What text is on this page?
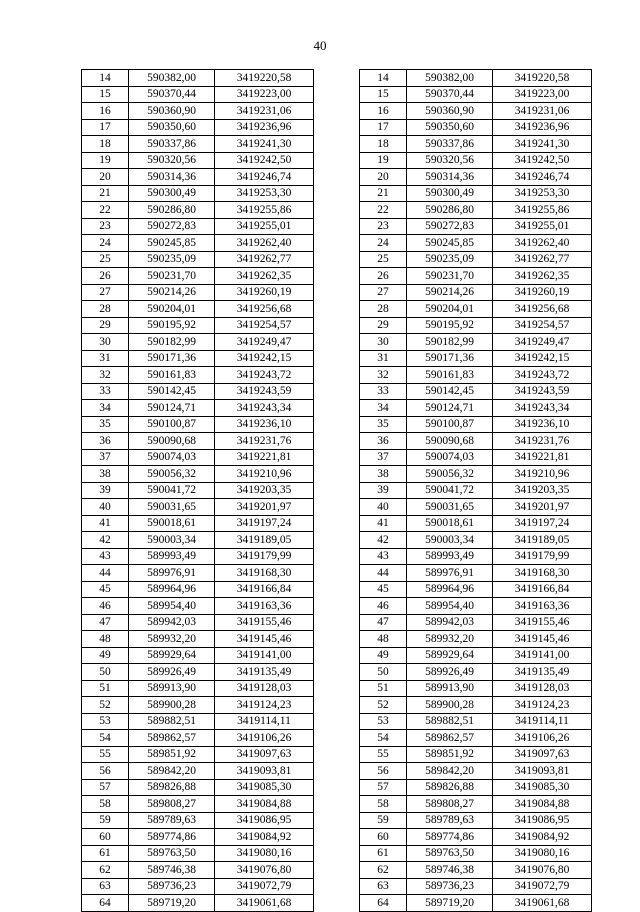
40
14	590382,00	3419220,58		14	590382,00	3419220,58
15	590370,44	3419223,00		15	590370,44	3419223,00
16	590360,90	3419231,06		16	590360,90	3419231,06
17	590350,60	3419236,96		17	590350,60	3419236,96
18	590337,86	3419241,30		18	590337,86	3419241,30
19	590320,56	3419242,50		19	590320,56	3419242,50
20	590314,36	3419246,74		20	590314,36	3419246,74
21	590300,49	3419253,30		21	590300,49	3419253,30
22	590286,80	3419255,86		22	590286,80	3419255,86
23	590272,83	3419255,01		23	590272,83	3419255,01
24	590245,85	3419262,40		24	590245,85	3419262,40
25	590235,09	3419262,77		25	590235,09	3419262,77
26	590231,70	3419262,35		26	590231,70	3419262,35
27	590214,26	3419260,19		27	590214,26	3419260,19
28	590204,01	3419256,68		28	590204,01	3419256,68
29	590195,92	3419254,57		29	590195,92	3419254,57
30	590182,99	3419249,47		30	590182,99	3419249,47
31	590171,36	3419242,15		31	590171,36	3419242,15
32	590161,83	3419243,72		32	590161,83	3419243,72
33	590142,45	3419243,59		33	590142,45	3419243,59
34	590124,71	3419243,34		34	590124,71	3419243,34
35	590100,87	3419236,10		35	590100,87	3419236,10
36	590090,68	3419231,76		36	590090,68	3419231,76
37	590074,03	3419221,81		37	590074,03	3419221,81
38	590056,32	3419210,96		38	590056,32	3419210,96
39	590041,72	3419203,35		39	590041,72	3419203,35
40	590031,65	3419201,97		40	590031,65	3419201,97
41	590018,61	3419197,24		41	590018,61	3419197,24
42	590003,34	3419189,05		42	590003,34	3419189,05
43	589993,49	3419179,99		43	589993,49	3419179,99
44	589976,91	3419168,30		44	589976,91	3419168,30
45	589964,96	3419166,84		45	589964,96	3419166,84
46	589954,40	3419163,36		46	589954,40	3419163,36
47	589942,03	3419155,46		47	589942,03	3419155,46
48	589932,20	3419145,46		48	589932,20	3419145,46
49	589929,64	3419141,00		49	589929,64	3419141,00
50	589926,49	3419135,49		50	589926,49	3419135,49
51	589913,90	3419128,03		51	589913,90	3419128,03
52	589900,28	3419124,23		52	589900,28	3419124,23
53	589882,51	3419114,11		53	589882,51	3419114,11
54	589862,57	3419106,26		54	589862,57	3419106,26
55	589851,92	3419097,63		55	589851,92	3419097,63
56	589842,20	3419093,81		56	589842,20	3419093,81
57	589826,88	3419085,30		57	589826,88	3419085,30
58	589808,27	3419084,88		58	589808,27	3419084,88
59	589789,63	3419086,95		59	589789,63	3419086,95
60	589774,86	3419084,92		60	589774,86	3419084,92
61	589763,50	3419080,16		61	589763,50	3419080,16
62	589746,38	3419076,80		62	589746,38	3419076,80
63	589736,23	3419072,79		63	589736,23	3419072,79
64	589719,20	3419061,68		64	589719,20	3419061,68
